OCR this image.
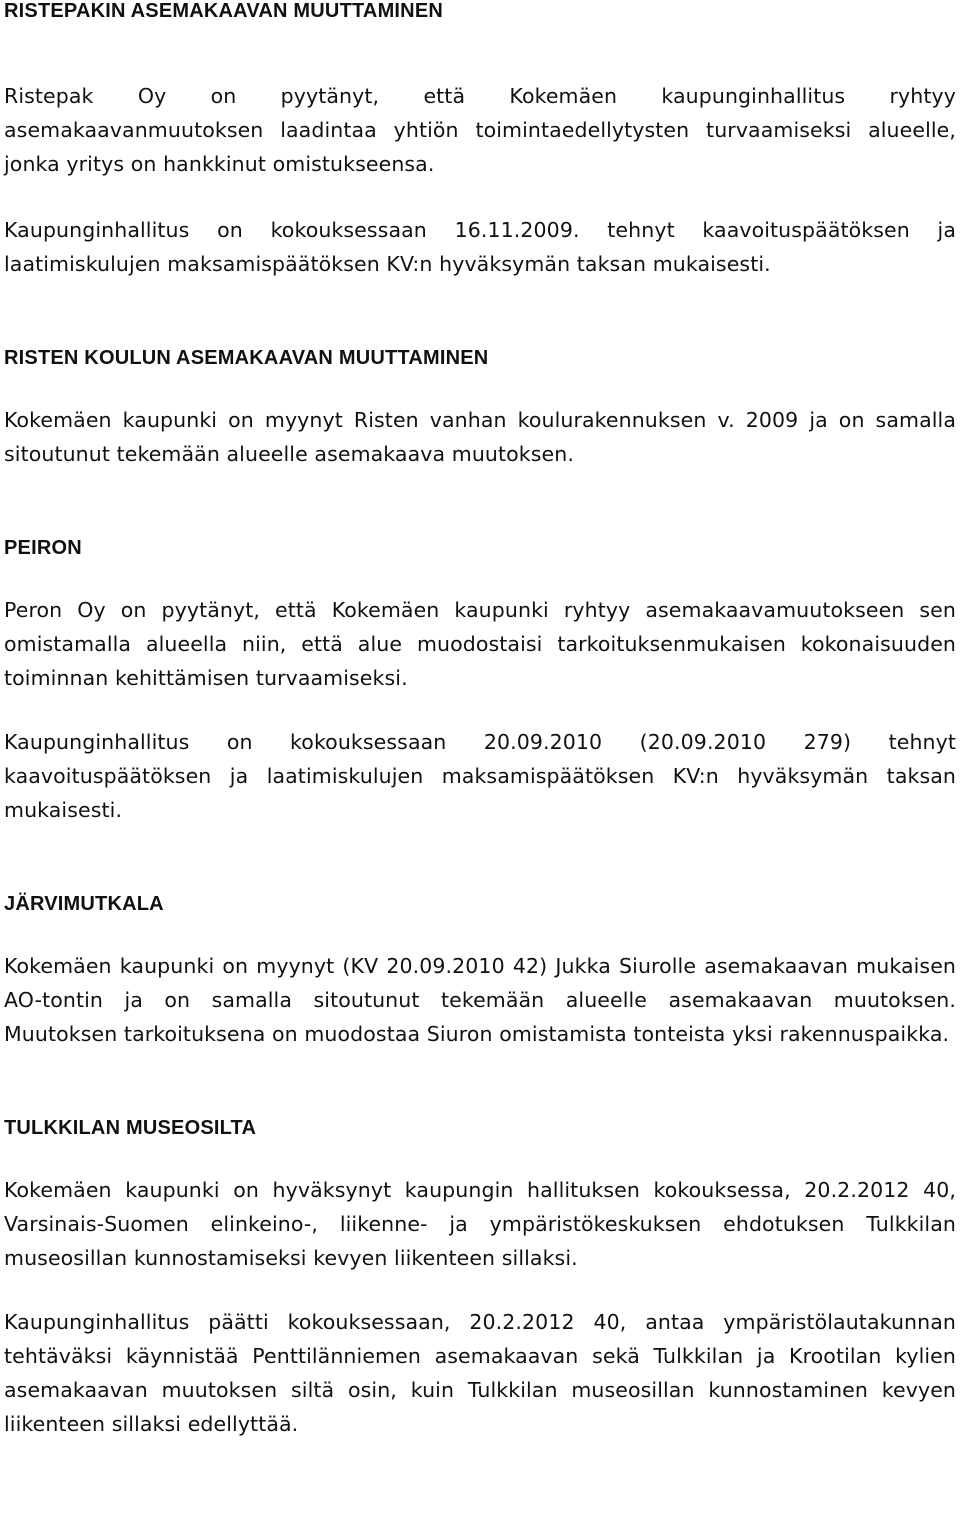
RISTEPAKIN ASEMAKAAVAN MUUTTAMINEN

Ristepak Oy on pyytänyt, että Kokemäen kaupunginhallitus ryhtyy asemakaavanmuutoksen laadintaa yhtiön toimintaedellytysten turvaamiseksi alueelle, jonka yritys on hankkinut omistukseensa.

Kaupunginhallitus on kokouksessaan 16.11.2009. tehnyt kaavoituspäätöksen ja laatimiskulujen maksamispäätöksen KV:n hyväksymän taksan mukaisesti.

RISTEN KOULUN ASEMAKAAVAN MUUTTAMINEN

Kokemäen kaupunki on myynyt Risten vanhan koulurakennuksen v. 2009 ja on samalla sitoutunut tekemään alueelle asemakaava muutoksen.

PEIRON

Peron Oy on pyytänyt, että Kokemäen kaupunki ryhtyy asemakaavamuutokseen sen omistamalla alueella niin, että alue muodostaisi tarkoituksenmukaisen kokonaisuuden toiminnan kehittämisen turvaamiseksi.

Kaupunginhallitus on kokouksessaan 20.09.2010 (20.09.2010 279) tehnyt kaavoituspäätöksen ja laatimiskulujen maksamispäätöksen KV:n hyväksymän taksan mukaisesti.

JÄRVIMUTKALA

Kokemäen kaupunki on myynyt (KV 20.09.2010 42) Jukka Siurolle asemakaavan mukaisen AO-tontin ja on samalla sitoutunut tekemään alueelle asemakaavan muutoksen. Muutoksen tarkoituksena on muodostaa Siuron omistamista tonteista yksi rakennuspaikka.

TULKKILAN MUSEOSILTA

Kokemäen kaupunki on hyväksynyt kaupungin hallituksen kokouksessa, 20.2.2012 40, Varsinais-Suomen elinkeino-, liikenne- ja ympäristökeskuksen ehdotuksen Tulkkilan museosillan kunnostamiseksi kevyen liikenteen sillaksi.

Kaupunginhallitus päätti kokouksessaan, 20.2.2012 40, antaa ympäristölautakunnan tehtäväksi käynnistää Penttilänniemen asemakaavan sekä Tulkkilan ja Krootilan kylien asemakaavan muutoksen siltä osin, kuin Tulkkilan museosillan kunnostaminen kevyen liikenteen sillaksi edellyttää.
